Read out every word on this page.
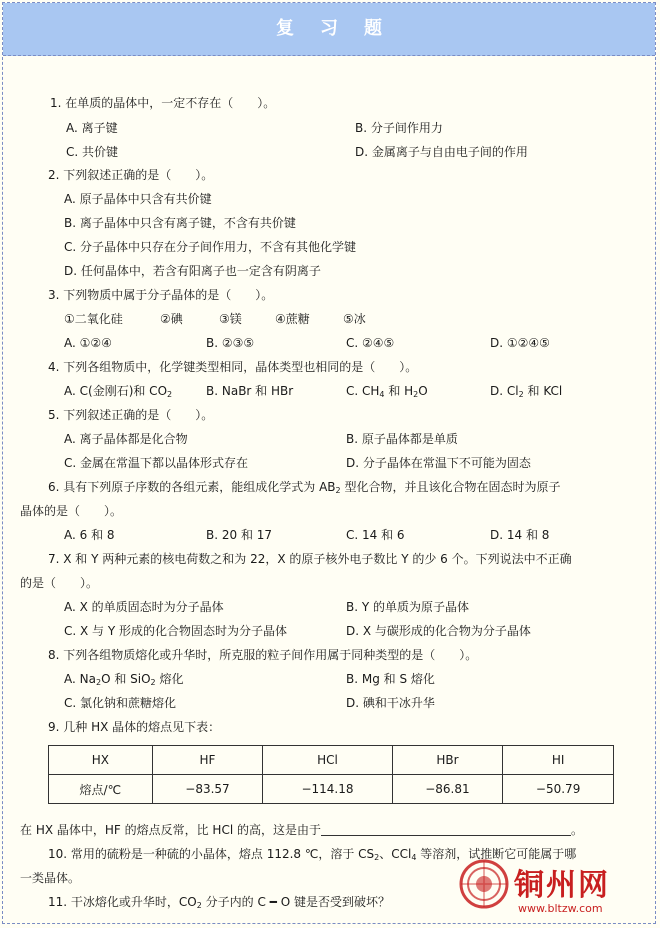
复习题
1. 在单质的晶体中，一定不存在（　　）。
A. 离子键	B. 分子间作用力
C. 共价键	D. 金属离子与自由电子间的作用
2. 下列叙述正确的是（　　）。
A. 原子晶体中只含有共价键
B. 离子晶体中只含有离子键，不含有共价键
C. 分子晶体中只存在分子间作用力，不含有其他化学键
D. 任何晶体中，若含有阳离子也一定含有阴离子
3. 下列物质中属于分子晶体的是（　　）。
①二氧化硅	②碘	③镁	④蔗糖	⑤冰
A. ①②④	B. ②③⑤	C. ②④⑤	D. ①②④⑤
4. 下列各组物质中，化学键类型相同，晶体类型也相同的是（　　）。
A. C(金刚石)和 $CO_2$	B. NaBr 和 HBr	C. $CH_4$ 和 $H_2O$	D. $Cl_2$ 和 KCl
5. 下列叙述正确的是（　　）。
A. 离子晶体都是化合物	B. 原子晶体都是单质
C. 金属在常温下都以晶体形式存在	D. 分子晶体在常温下不可能为固态
6. 具有下列原子序数的各组元素，能组成化学式为 $AB_2$ 型化合物，并且该化合物在固态时为原子
晶体的是（　　）。
A. 6 和 8	B. 20 和 17	C. 14 和 6	D. 14 和 8
7. X 和 Y 两种元素的核电荷数之和为 22，X 的原子核外电子数比 Y 的少 6 个。下列说法中不正确
的是（　　）。
A. X 的单质固态时为分子晶体	B. Y 的单质为原子晶体
C. X 与 Y 形成的化合物固态时为分子晶体	D. X 与碳形成的化合物为分子晶体
8. 下列各组物质熔化或升华时，所克服的粒子间作用属于同种类型的是（　　）。
A. $Na_2O$ 和 SiO$_2$ 熔化	B. Mg 和 S 熔化
C. 氯化钠和蔗糖熔化	D. 碘和干冰升华
9. 几种 HX 晶体的熔点见下表：
HX	HF	HCl	HBr	HI
熔点/℃	−83.57	−114.18	−86.81	−50.79
在 HX 晶体中，HF 的熔点反常，比 HCl 的高，这是由于	。
10. 常用的硫粉是一种硫的小晶体，熔点 112.8 ℃，溶于 $CS_2$、CCl$_4$ 等溶剂，试推断它可能属于哪
一类晶体。
11. 干冰熔化或升华时，$CO_2$ 分子内的 C ━ O 键是否受到破坏？	铜州网
www.bltzw.com
